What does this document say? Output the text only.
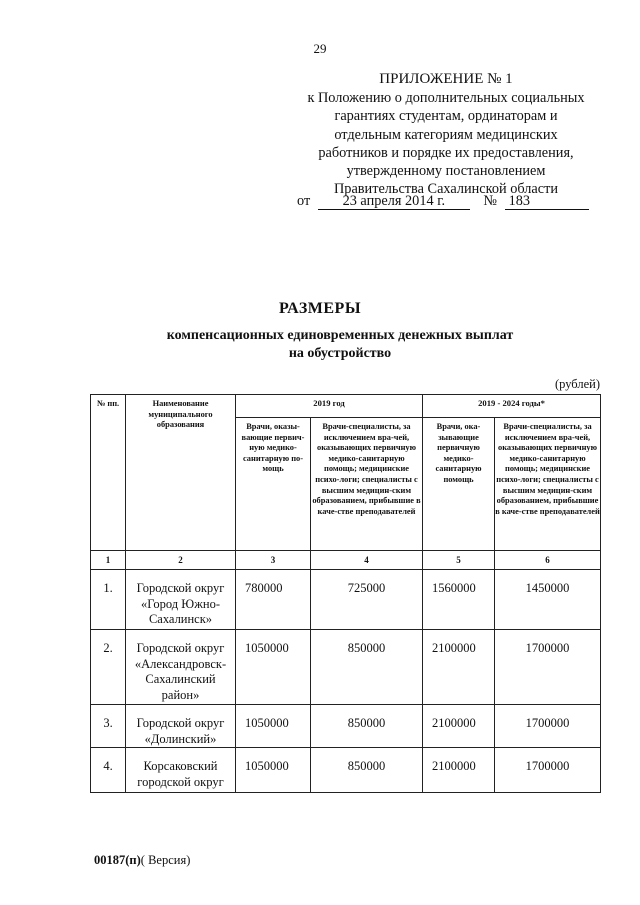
29
ПРИЛОЖЕНИЕ № 1
к Положению о дополнительных социальных
гарантиях студентам, ординаторам и
отдельным категориям медицинских
работников и порядке их предоставления,
утвержденному постановлением
Правительства Сахалинской области
от 23 апреля 2014 г.	№ 183
РАЗМЕРЫ
компенсационных единовременных денежных выплат
на обустройство
(рублей)
№ пп.	Наименование муниципального образования	2019 год		2019 - 2024 годы*	
		Врачи, оказы-вающие первич-ную медико-санитарную по-мощь	Врачи-специалисты, за исключением вра-чей, оказывающих первичную медико-санитарную помощь; медицинские психо-логи; специалисты с высшим медицин-ским образованием, прибывшие в каче-стве преподавателей	Врачи, ока-зывающие первичную медико-санитарную помощь	Врачи-специалисты, за исключением вра-чей, оказывающих первичную медико-санитарную помощь; медицинские психо-логи; специалисты с высшим медицин-ским образованием, прибывшие в каче-стве преподавателей
1	2	3	4	5	6
1.	Городской округ «Город Южно-Сахалинск»	780000	725000	1560000	1450000
2.	Городской округ «Александровск-Сахалинский район»	1050000	850000	2100000	1700000
3.	Городской округ «Долинский»	1050000	850000	2100000	1700000
4.	Корсаковский городской округ	1050000	850000	2100000	1700000
00187(п)( Версия)
